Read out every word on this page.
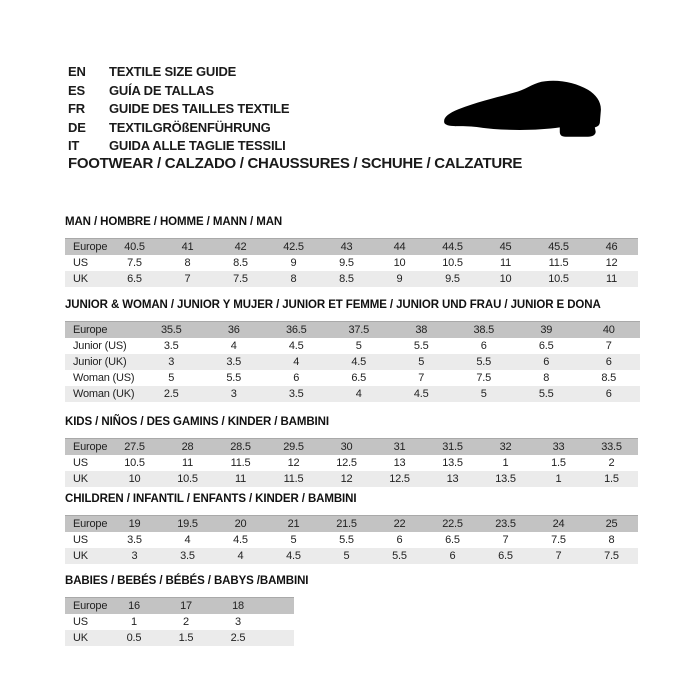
EN	TEXTILE SIZE GUIDE
ES	GUÍA DE TALLAS
FR	GUIDE DES TAILLES TEXTILE
DE	TEXTILGRÖßENFÜHRUNG
IT	GUIDA ALLE TAGLIE TESSILI
FOOTWEAR / CALZADO / CHAUSSURES / SCHUHE / CALZATURE
MAN / HOMBRE / HOMME / MANN / MAN
Europe	40.5	41	42	42.5	43	44	44.5	45	45.5	46
US	7.5	8	8.5	9	9.5	10	10.5	11	11.5	12
UK	6.5	7	7.5	8	8.5	9	9.5	10	10.5	11
JUNIOR & WOMAN / JUNIOR Y MUJER / JUNIOR ET FEMME / JUNIOR UND FRAU / JUNIOR E DONA
Europe	35.5	36	36.5	37.5	38	38.5	39	40
Junior (US)	3.5	4	4.5	5	5.5	6	6.5	7
Junior (UK)	3	3.5	4	4.5	5	5.5	6	6
Woman (US)	5	5.5	6	6.5	7	7.5	8	8.5
Woman (UK)	2.5	3	3.5	4	4.5	5	5.5	6
KIDS / NIÑOS / DES GAMINS / KINDER / BAMBINI
Europe	27.5	28	28.5	29.5	30	31	31.5	32	33	33.5
US	10.5	11	11.5	12	12.5	13	13.5	1	1.5	2
UK	10	10.5	11	11.5	12	12.5	13	13.5	1	1.5
CHILDREN / INFANTIL / ENFANTS / KINDER / BAMBINI
Europe	19	19.5	20	21	21.5	22	22.5	23.5	24	25
US	3.5	4	4.5	5	5.5	6	6.5	7	7.5	8
UK	3	3.5	4	4.5	5	5.5	6	6.5	7	7.5
BABIES / BEBÉS / BÉBÉS / BABYS /BAMBINI
Europe	16	17	18	
US	1	2	3	
UK	0.5	1.5	2.5	
